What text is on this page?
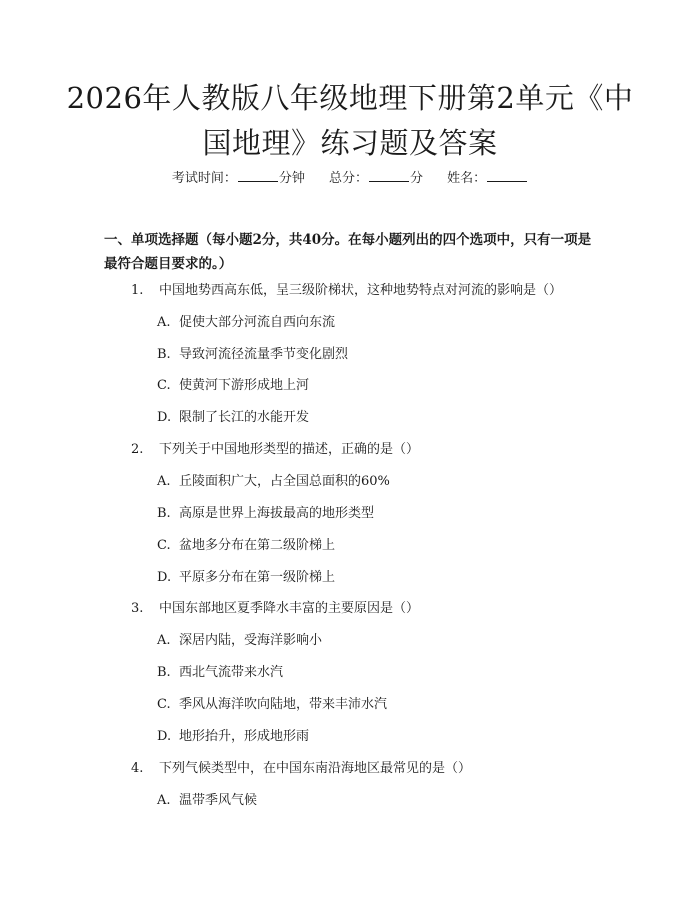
2026年人教版八年级地理下册第2单元《中国地理》练习题及答案
考试时间：	分钟 总分：	分 姓名：

一、单项选择题（每小题2分，共40分。在每小题列出的四个选项中，只有一项是最符合题目要求的。）

1. 中国地势西高东低，呈三级阶梯状，这种地势特点对河流的影响是（）
A. 促使大部分河流自西向东流
B. 导致河流径流量季节变化剧烈
C. 使黄河下游形成地上河
D. 限制了长江的水能开发
2. 下列关于中国地形类型的描述，正确的是（）
A. 丘陵面积广大，占全国总面积的60%
B. 高原是世界上海拔最高的地形类型
C. 盆地多分布在第二级阶梯上
D. 平原多分布在第一级阶梯上
3. 中国东部地区夏季降水丰富的主要原因是（）
A. 深居内陆，受海洋影响小
B. 西北气流带来水汽
C. 季风从海洋吹向陆地，带来丰沛水汽
D. 地形抬升，形成地形雨
4. 下列气候类型中，在中国东南沿海地区最常见的是（）
A. 温带季风气候
